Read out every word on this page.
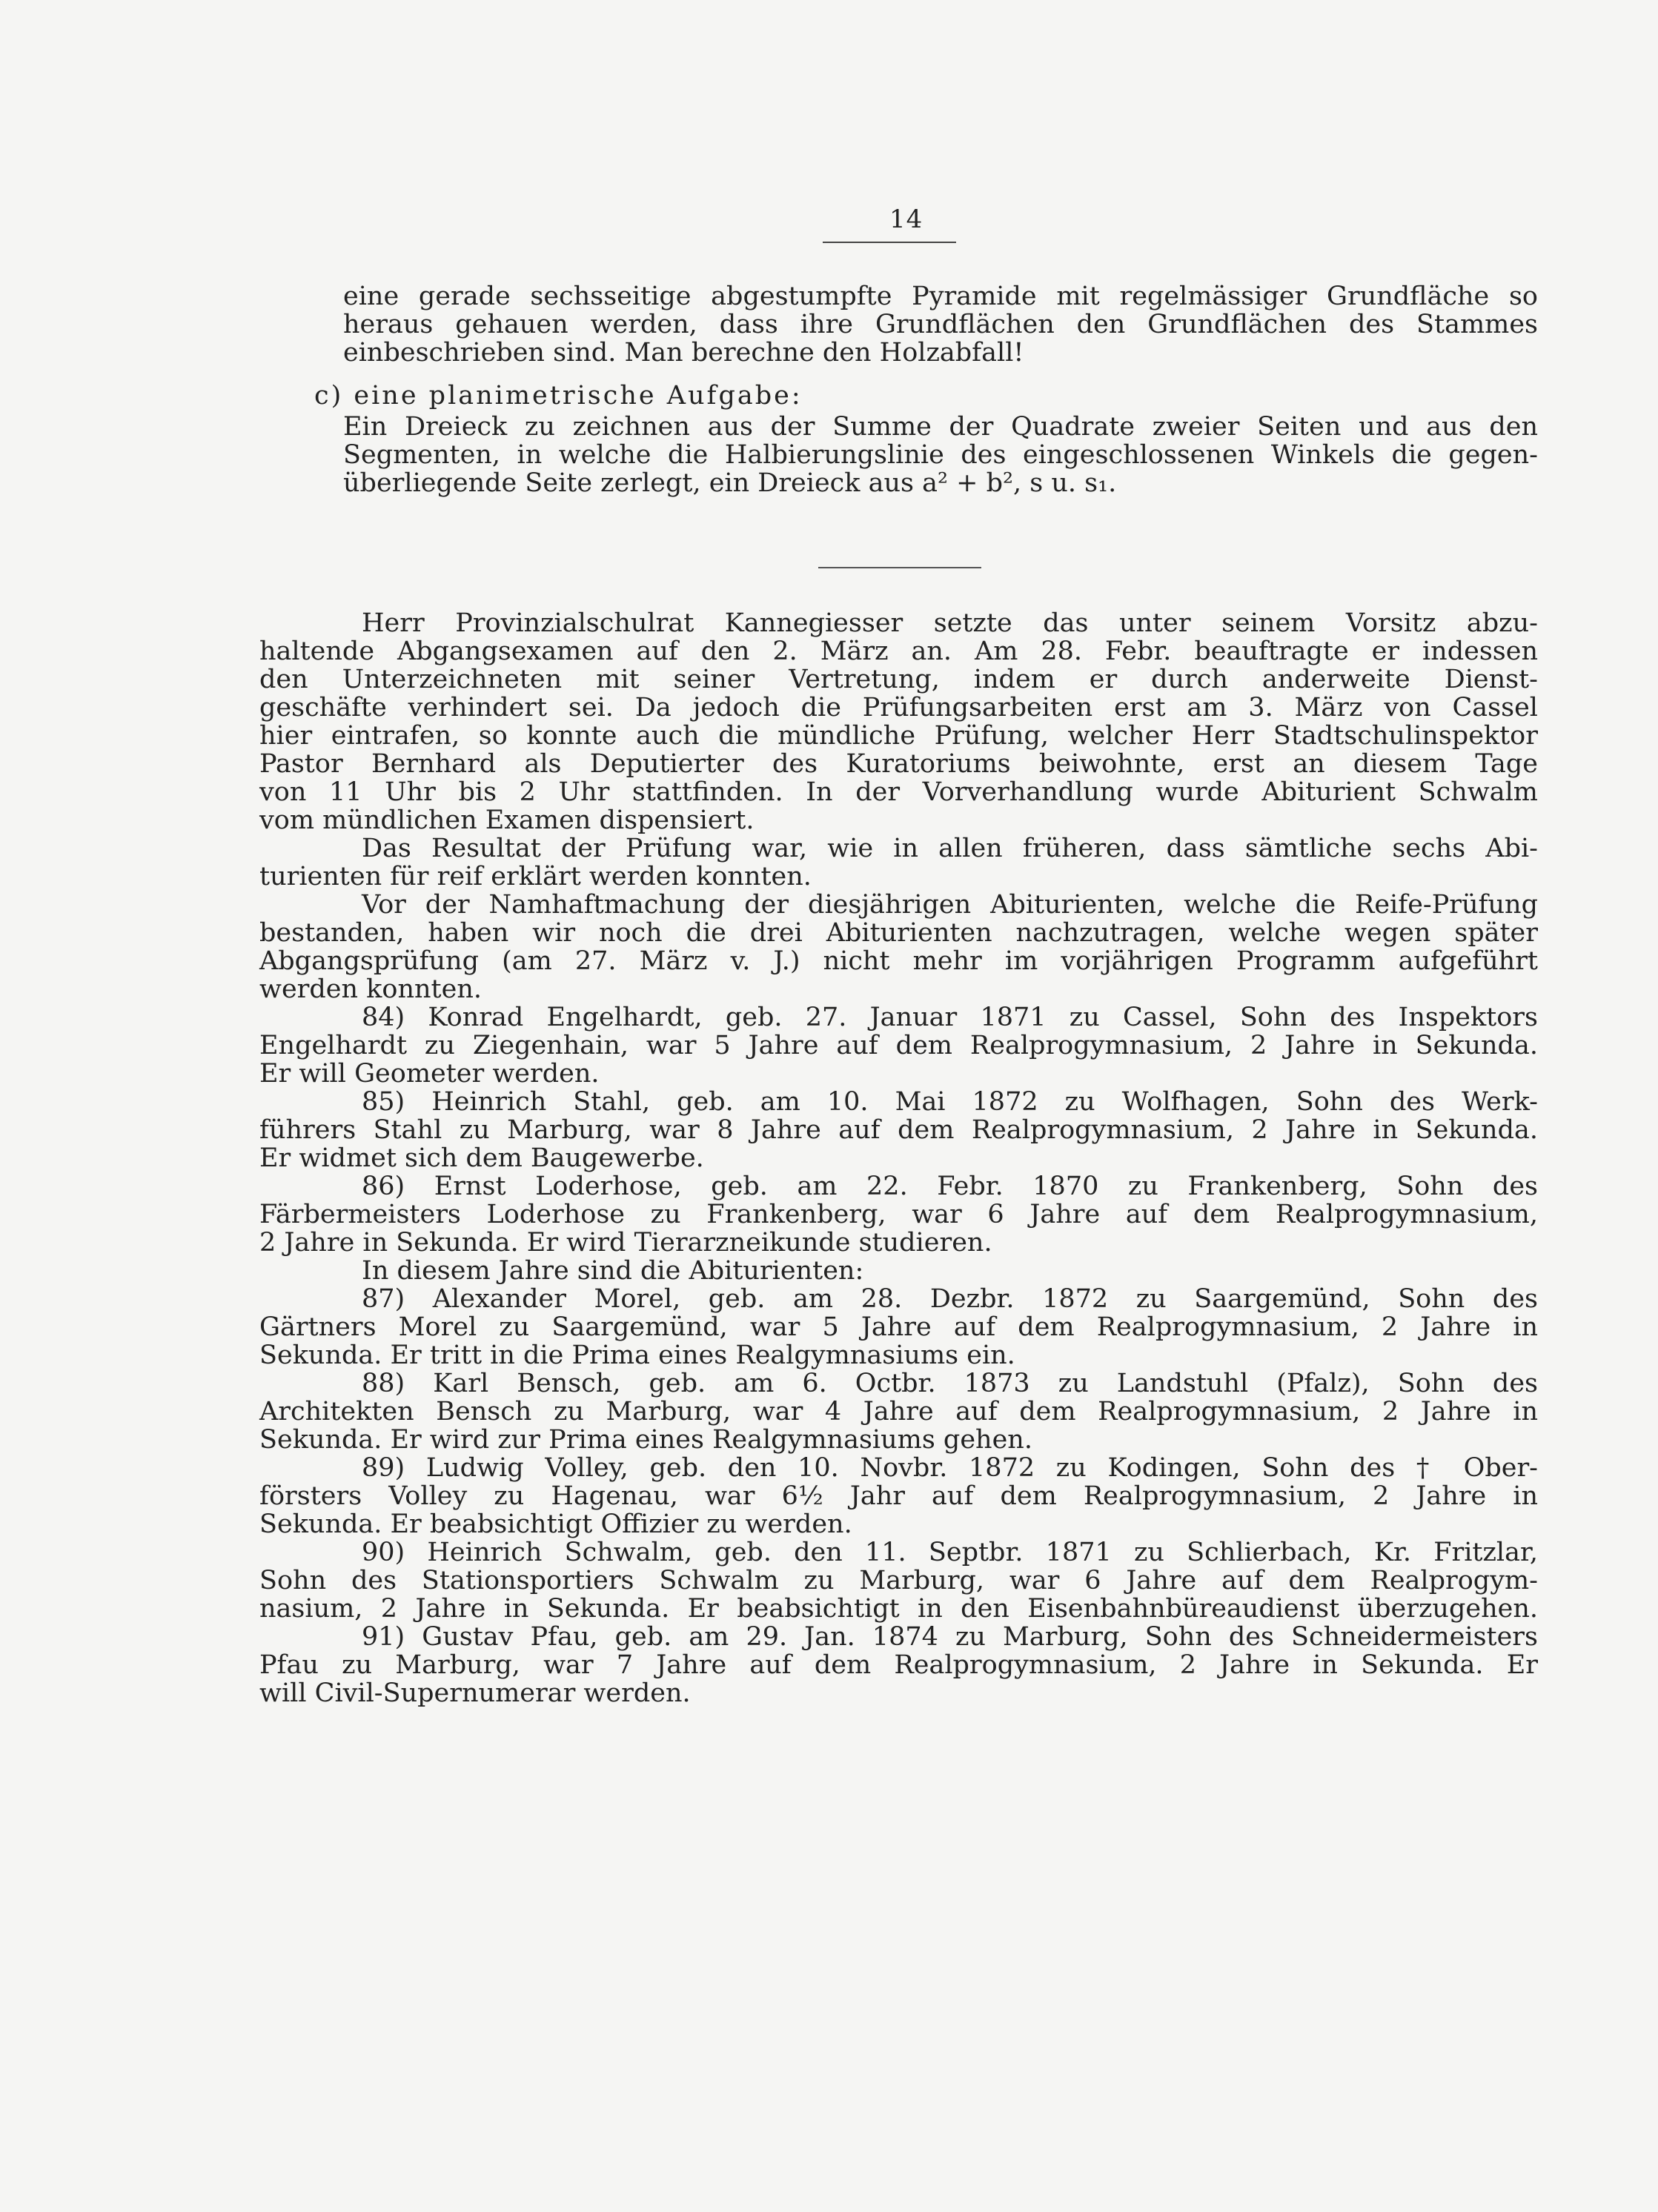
14
eine gerade sechsseitige abgestumpfte Pyramide mit regelmässiger Grundfläche so
heraus gehauen werden, dass ihre Grundflächen den Grundflächen des Stammes
einbeschrieben sind. Man berechne den Holzabfall!
c) eine planimetrische Aufgabe:
Ein Dreieck zu zeichnen aus der Summe der Quadrate zweier Seiten und aus den
Segmenten, in welche die Halbierungslinie des eingeschlossenen Winkels die gegen-
überliegende Seite zerlegt, ein Dreieck aus a² + b², s u. s₁.
Herr Provinzialschulrat Kannegiesser setzte das unter seinem Vorsitz abzu-
haltende Abgangsexamen auf den 2. März an. Am 28. Febr. beauftragte er indessen
den Unterzeichneten mit seiner Vertretung, indem er durch anderweite Dienst-
geschäfte verhindert sei. Da jedoch die Prüfungsarbeiten erst am 3. März von Cassel
hier eintrafen, so konnte auch die mündliche Prüfung, welcher Herr Stadtschulinspektor
Pastor Bernhard als Deputierter des Kuratoriums beiwohnte, erst an diesem Tage
von 11 Uhr bis 2 Uhr stattfinden. In der Vorverhandlung wurde Abiturient Schwalm
vom mündlichen Examen dispensiert.
Das Resultat der Prüfung war, wie in allen früheren, dass sämtliche sechs Abi-
turienten für reif erklärt werden konnten.
Vor der Namhaftmachung der diesjährigen Abiturienten, welche die Reife-Prüfung
bestanden, haben wir noch die drei Abiturienten nachzutragen, welche wegen später
Abgangsprüfung (am 27. März v. J.) nicht mehr im vorjährigen Programm aufgeführt
werden konnten.
84) Konrad Engelhardt, geb. 27. Januar 1871 zu Cassel, Sohn des Inspektors
Engelhardt zu Ziegenhain, war 5 Jahre auf dem Realprogymnasium, 2 Jahre in Sekunda.
Er will Geometer werden.
85) Heinrich Stahl, geb. am 10. Mai 1872 zu Wolfhagen, Sohn des Werk-
führers Stahl zu Marburg, war 8 Jahre auf dem Realprogymnasium, 2 Jahre in Sekunda.
Er widmet sich dem Baugewerbe.
86) Ernst Loderhose, geb. am 22. Febr. 1870 zu Frankenberg, Sohn des
Färbermeisters Loderhose zu Frankenberg, war 6 Jahre auf dem Realprogymnasium,
2 Jahre in Sekunda. Er wird Tierarzneikunde studieren.
In diesem Jahre sind die Abiturienten:
87) Alexander Morel, geb. am 28. Dezbr. 1872 zu Saargemünd, Sohn des
Gärtners Morel zu Saargemünd, war 5 Jahre auf dem Realprogymnasium, 2 Jahre in
Sekunda. Er tritt in die Prima eines Realgymnasiums ein.
88) Karl Bensch, geb. am 6. Octbr. 1873 zu Landstuhl (Pfalz), Sohn des
Architekten Bensch zu Marburg, war 4 Jahre auf dem Realprogymnasium, 2 Jahre in
Sekunda. Er wird zur Prima eines Realgymnasiums gehen.
89) Ludwig Volley, geb. den 10. Novbr. 1872 zu Kodingen, Sohn des † Ober-
försters Volley zu Hagenau, war 6½ Jahr auf dem Realprogymnasium, 2 Jahre in
Sekunda. Er beabsichtigt Offizier zu werden.
90) Heinrich Schwalm, geb. den 11. Septbr. 1871 zu Schlierbach, Kr. Fritzlar,
Sohn des Stationsportiers Schwalm zu Marburg, war 6 Jahre auf dem Realprogym-
nasium, 2 Jahre in Sekunda. Er beabsichtigt in den Eisenbahnbüreaudienst überzugehen.
91) Gustav Pfau, geb. am 29. Jan. 1874 zu Marburg, Sohn des Schneidermeisters
Pfau zu Marburg, war 7 Jahre auf dem Realprogymnasium, 2 Jahre in Sekunda. Er
will Civil-Supernumerar werden.
